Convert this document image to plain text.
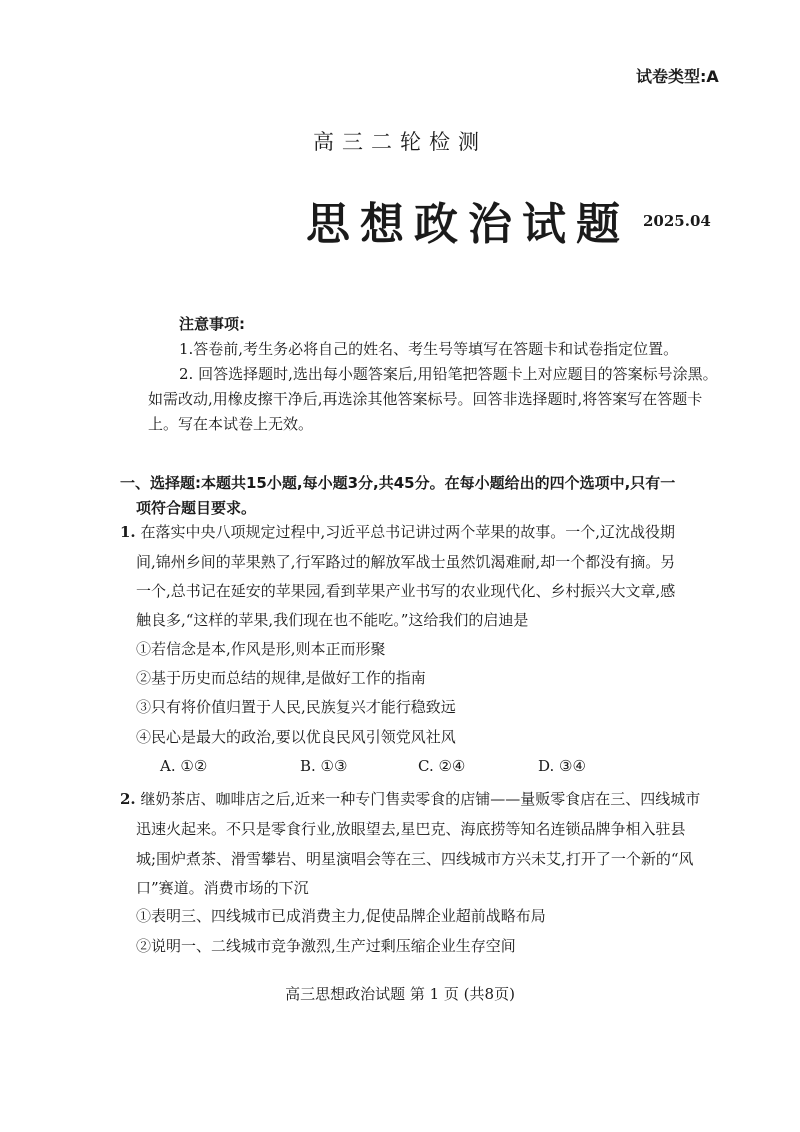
试卷类型:A

高三二轮检测

思想政治试题 2025.04

注意事项:

1.答卷前,考生务必将自己的姓名、考生号等填写在答题卡和试卷指定位置。

2. 回答选择题时,选出每小题答案后,用铅笔把答题卡上对应题目的答案标号涂黑。

如需改动,用橡皮擦干净后,再选涂其他答案标号。回答非选择题时,将答案写在答题卡

上。写在本试卷上无效。

一、选择题:本题共15小题,每小题3分,共45分。在每小题给出的四个选项中,只有一

项符合题目要求。

1. 在落实中央八项规定过程中,习近平总书记讲过两个苹果的故事。一个,辽沈战役期

间,锦州乡间的苹果熟了,行军路过的解放军战士虽然饥渴难耐,却一个都没有摘。另

一个,总书记在延安的苹果园,看到苹果产业书写的农业现代化、乡村振兴大文章,感

触良多,“这样的苹果,我们现在也不能吃。”这给我们的启迪是

①若信念是本,作风是形,则本正而形聚

②基于历史而总结的规律,是做好工作的指南

③只有将价值归置于人民,民族复兴才能行稳致远

④民心是最大的政治,要以优良民风引领党风社风

A. ①②	B. ①③	C. ②④	D. ③④

2. 继奶茶店、咖啡店之后,近来一种专门售卖零食的店铺——量贩零食店在三、四线城市

迅速火起来。不只是零食行业,放眼望去,星巴克、海底捞等知名连锁品牌争相入驻县

城;围炉煮茶、滑雪攀岩、明星演唱会等在三、四线城市方兴未艾,打开了一个新的“风

口”赛道。消费市场的下沉

①表明三、四线城市已成消费主力,促使品牌企业超前战略布局

②说明一、二线城市竞争激烈,生产过剩压缩企业生存空间

高三思想政治试题 第 1 页 (共8页)
